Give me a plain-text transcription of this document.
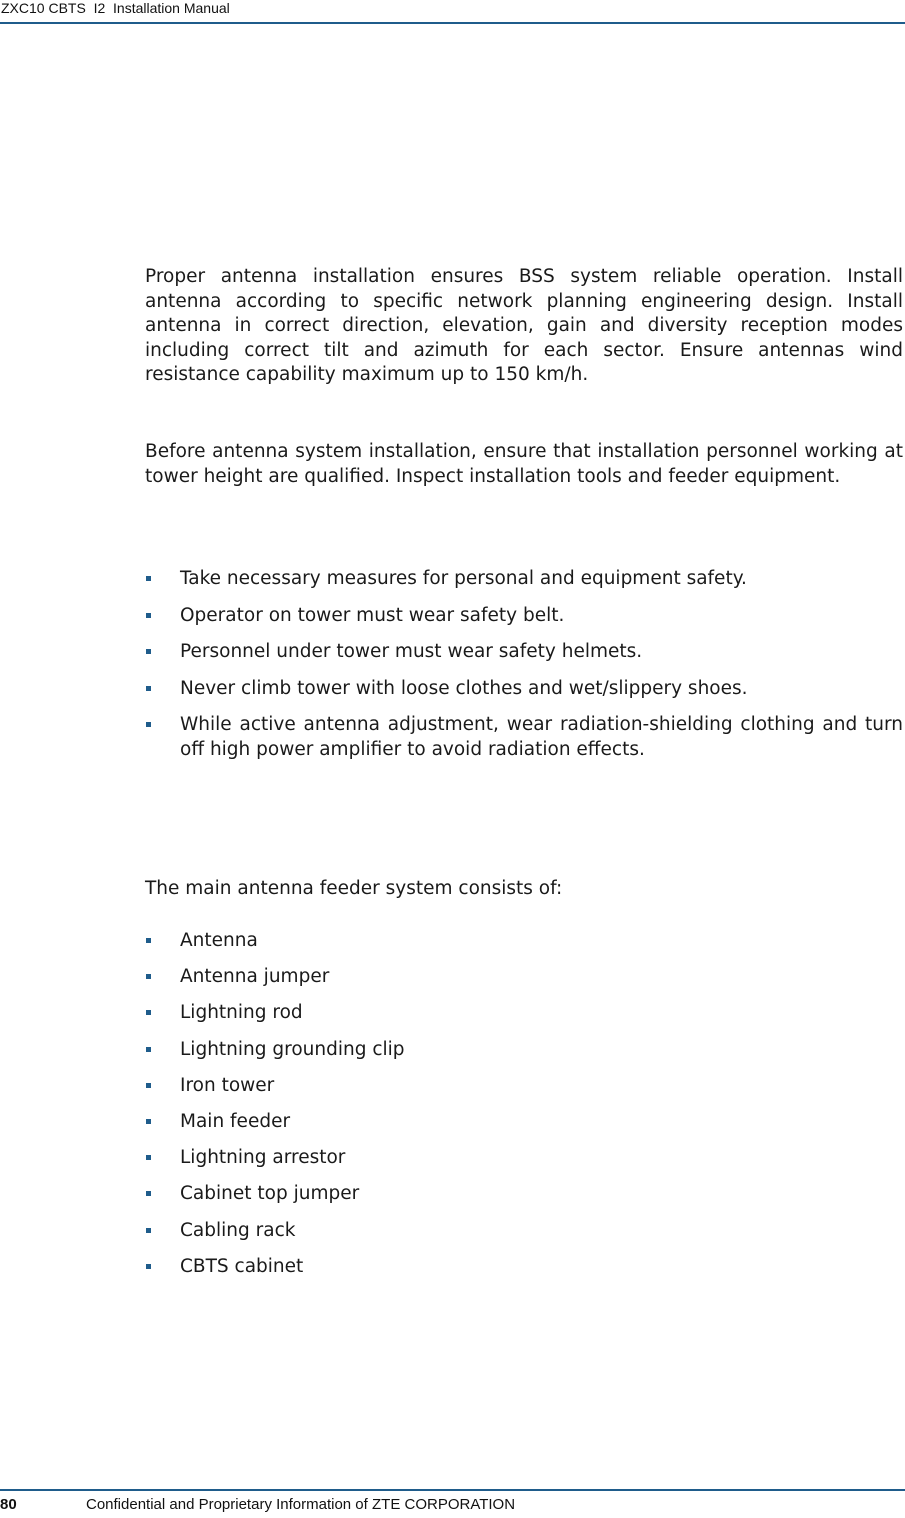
ZXC10 CBTS  I2  Installation Manual

Proper antenna installation ensures BSS system reliable operation. Install antenna according to specific network planning engineering design. Install antenna in correct direction, elevation, gain and diversity reception modes including correct tilt and azimuth for each sector. Ensure antennas wind resistance capability maximum up to 150 km/h.

Before antenna system installation, ensure that installation personnel working at tower height are qualified. Inspect installation tools and feeder equipment.

Take necessary measures for personal and equipment safety.
Operator on tower must wear safety belt.
Personnel under tower must wear safety helmets.
Never climb tower with loose clothes and wet/slippery shoes.
While active antenna adjustment, wear radiation-shielding clothing and turn off high power amplifier to avoid radiation effects.

The main antenna feeder system consists of:

Antenna
Antenna jumper
Lightning rod
Lightning grounding clip
Iron tower
Main feeder
Lightning arrestor
Cabinet top jumper
Cabling rack
CBTS cabinet
80	Confidential and Proprietary Information of ZTE CORPORATION
